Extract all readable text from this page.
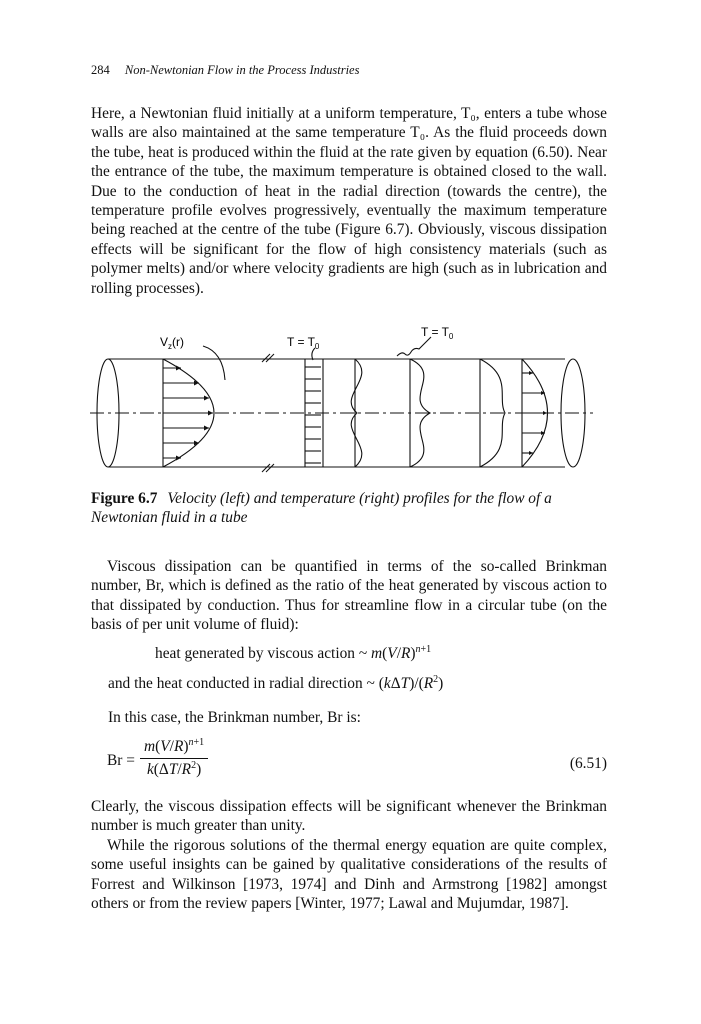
284 Non-Newtonian Flow in the Process Industries

Here, a Newtonian fluid initially at a uniform temperature, T₀, enters a tube whose walls are also maintained at the same temperature T₀. As the fluid proceeds down the tube, heat is produced within the fluid at the rate given by equation (6.50). Near the entrance of the tube, the maximum temperature is obtained closed to the wall. Due to the conduction of heat in the radial direction (towards the centre), the temperature profile evolves progressively, eventually the maximum temperature being reached at the centre of the tube (Figure 6.7). Obviously, viscous dissipation effects will be significant for the flow of high consistency materials (such as polymer melts) and/or where velocity gradients are high (such as in lubrication and rolling processes).

$V_z(r)$	$T = T_0$
$T = T_0$
Figure 6.7 Velocity (left) and temperature (right) profiles for the flow of a Newtonian fluid in a tube

Viscous dissipation can be quantified in terms of the so-called Brinkman number, Br, which is defined as the ratio of the heat generated by viscous action to that dissipated by conduction. Thus for streamline flow in a circular tube (on the basis of per unit volume of fluid):

heat generated by viscous action ~ $m(V/R)^{n+1}$
and the heat conducted in radial direction ~ $(k\Delta T)/(R^2)$
In this case, the Brinkman number, Br is:
Br =
$m(V/R)^{n+1}$
$k(\Delta T/R^2)$	(6.51)

Clearly, the viscous dissipation effects will be significant whenever the Brinkman number is much greater than unity.

While the rigorous solutions of the thermal energy equation are quite complex, some useful insights can be gained by qualitative considerations of the results of Forrest and Wilkinson [1973, 1974] and Dinh and Armstrong [1982] amongst others or from the review papers [Winter, 1977; Lawal and Mujumdar, 1987].
